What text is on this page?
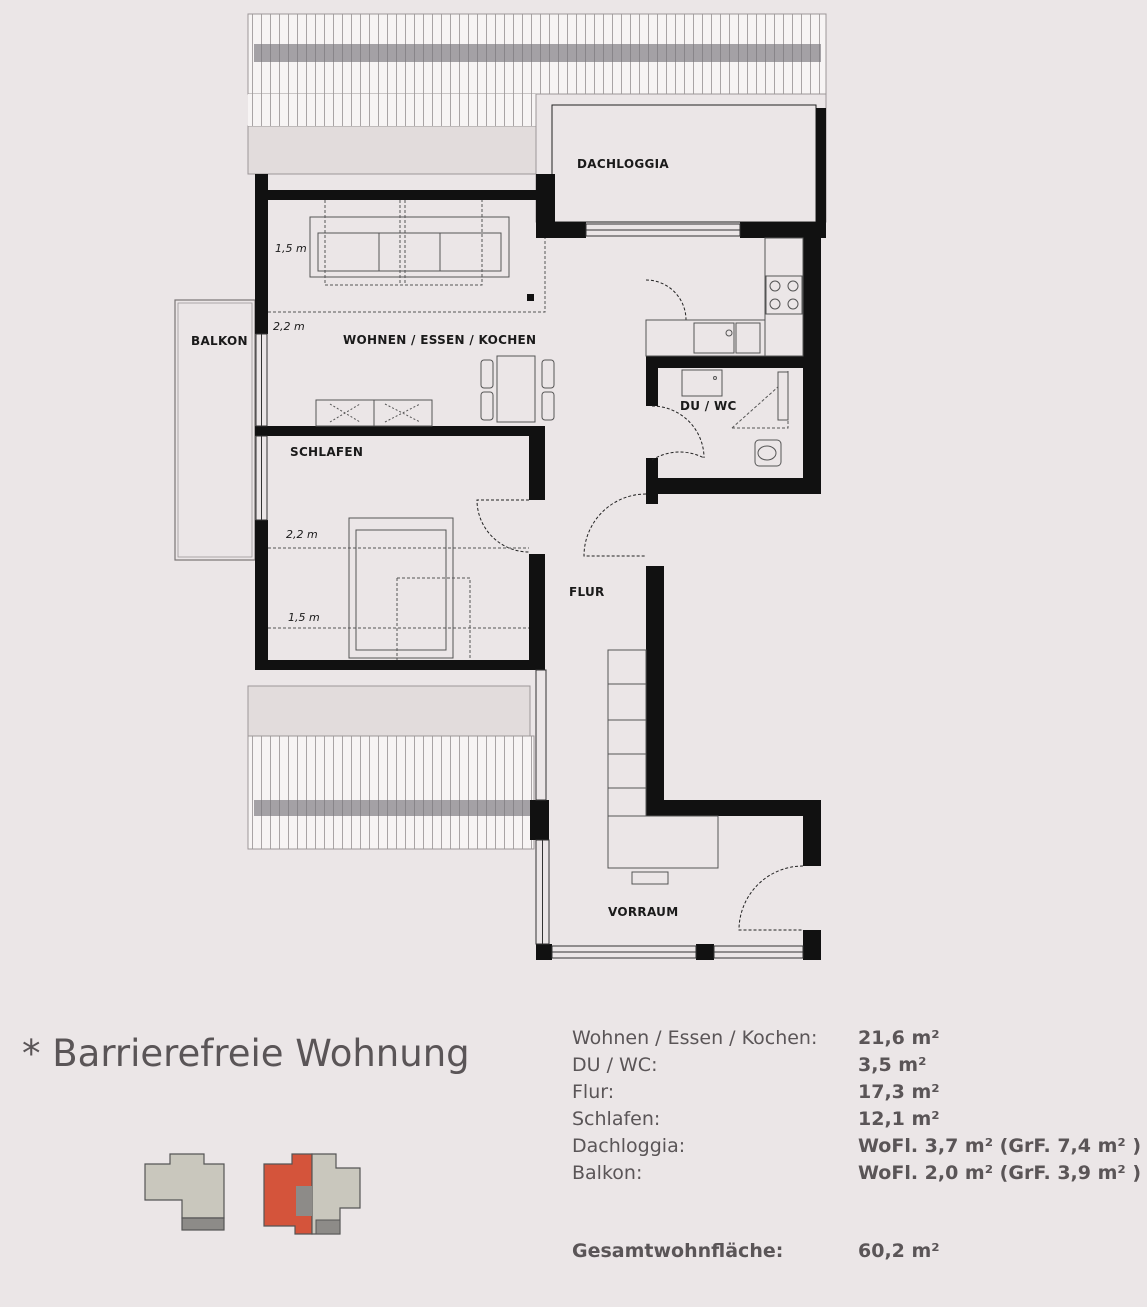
DACHLOGGIA
BALKON	WOHNEN / ESSEN / KOCHEN
DU / WC
SCHLAFEN
FLUR
VORRAUM
1,5 m
2,2 m
2,2 m
1,5 m
* Barrierefreie Wohnung	Wohnen / Essen / Kochen: 21,6 m²
DU / WC:	3,5 m²
Flur:	17,3 m²
Schlafen:	12,1 m²
Dachloggia:	WoFl. 3,7 m² (GrF. 7,4 m² )
Balkon:	WoFl. 2,0 m² (GrF. 3,9 m² )
Gesamtwohnfläche:	60,2 m²
